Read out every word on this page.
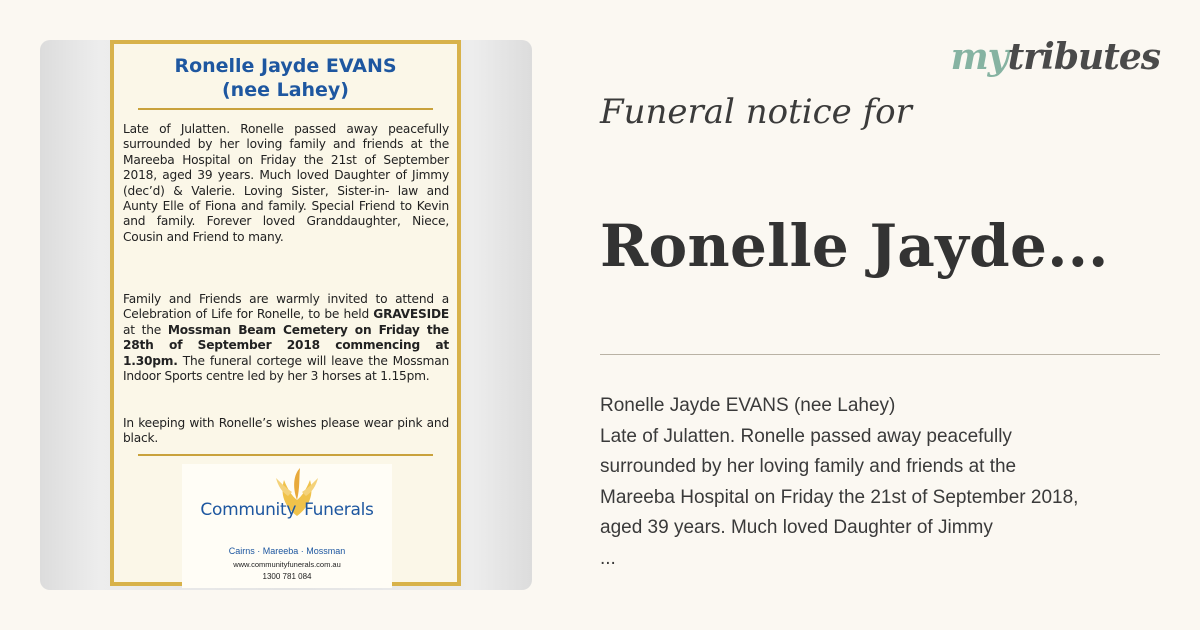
Ronelle Jayde EVANS
(nee Lahey)

Late of Julatten. Ronelle passed away peacefully surrounded by her loving family and friends at the Mareeba Hospital on Friday the 21st of September 2018, aged 39 years. Much loved Daughter of Jimmy (dec’d) & Valerie. Loving Sister, Sister-in- law and Aunty Elle of Fiona and family. Special Friend to Kevin and family. Forever loved Granddaughter, Niece, Cousin and Friend to many.

Family and Friends are warmly invited to attend a Celebration of Life for Ronelle, to be held GRAVESIDE at the Mossman Beam Cemetery on Friday the 28th of September 2018 commencing at 1.30pm. The funeral cortege will leave the Mossman Indoor Sports centre led by her 3 horses at 1.15pm.

In keeping with Ronelle’s wishes please wear pink and black.

Community Funerals
Cairns · Mareeba · Mossman
www.communityfunerals.com.au
1300 781 084
mytributes
Funeral notice for
Ronelle Jayde...
Ronelle Jayde EVANS (nee Lahey)
Late of Julatten. Ronelle passed away peacefully
surrounded by her loving family and friends at the
Mareeba Hospital on Friday the 21st of September 2018,
aged 39 years. Much loved Daughter of Jimmy
...
